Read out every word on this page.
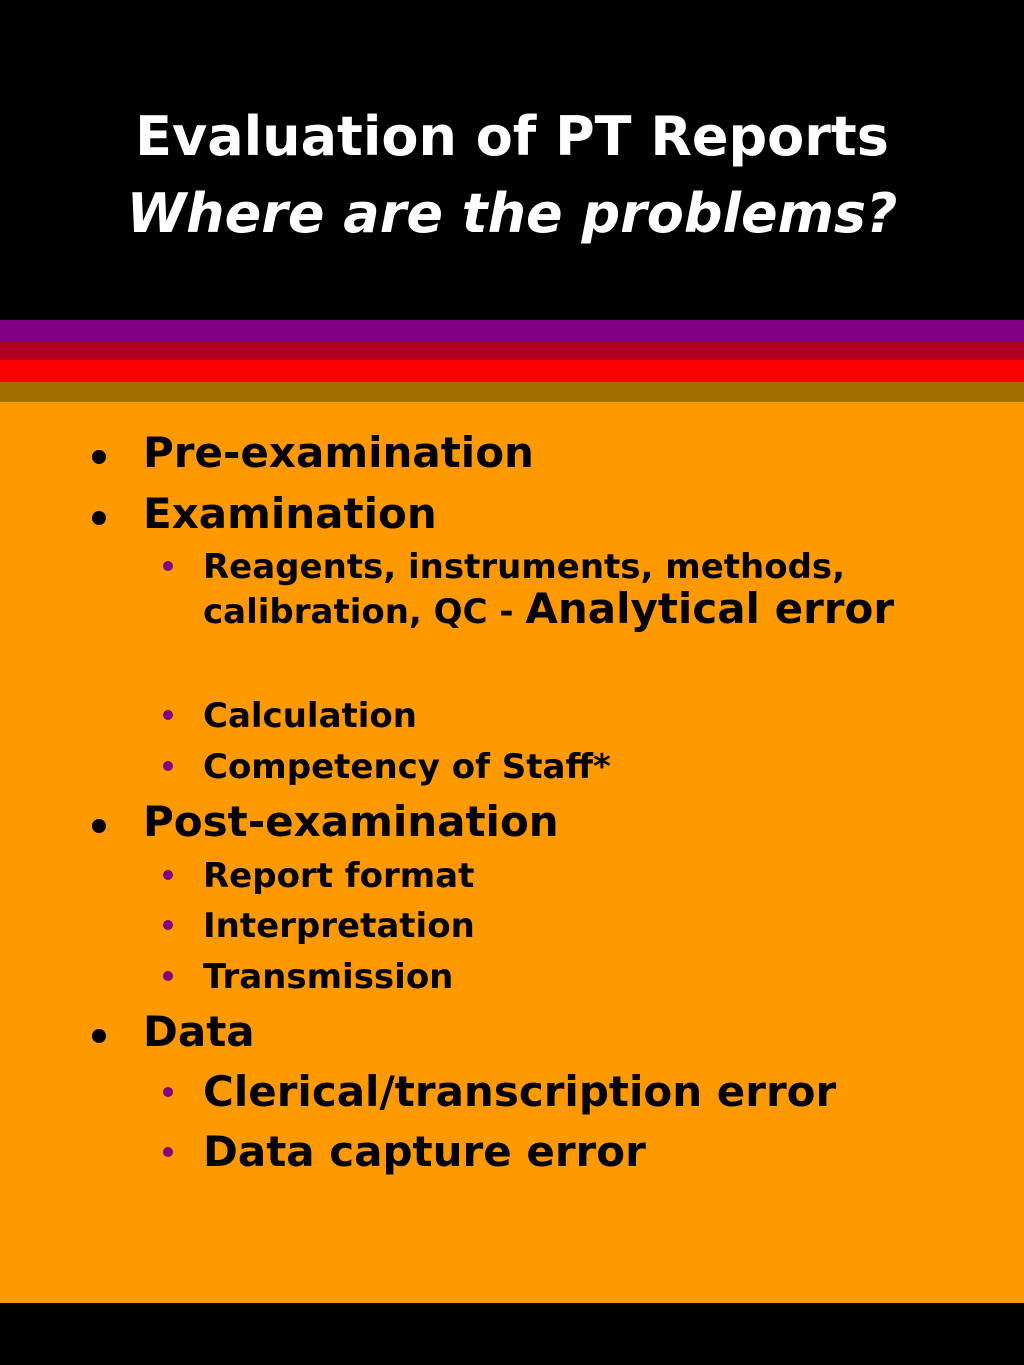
Evaluation of PT Reports
Where are the problems?
Pre-examination
Examination
Reagents, instruments, methods, calibration, QC - Analytical error
Calculation
Competency of Staff*
Post-examination
Report format
Interpretation
Transmission
Data
Clerical/transcription error
Data capture error
